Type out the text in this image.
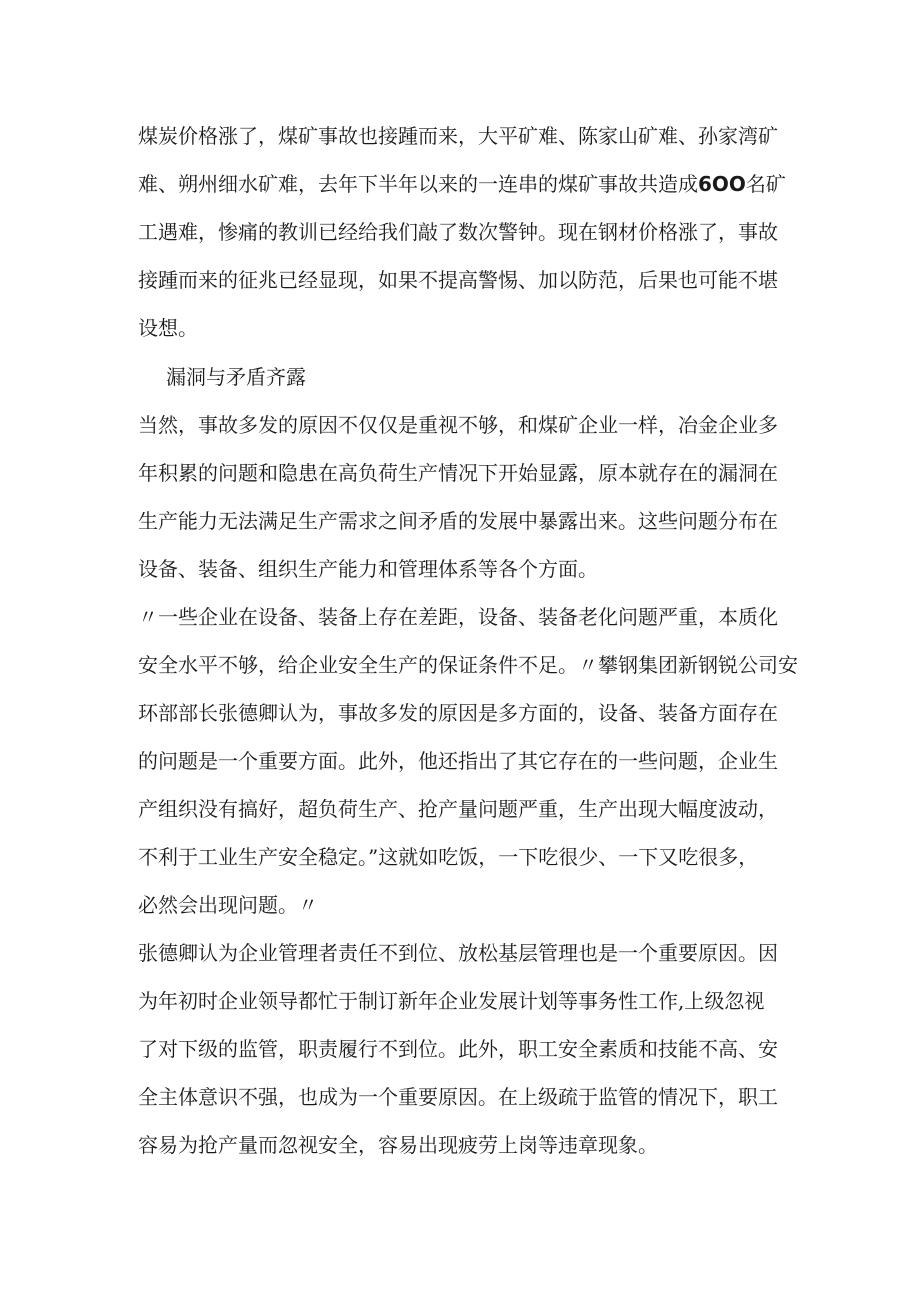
煤炭价格涨了，煤矿事故也接踵而来，大平矿难、陈家山矿难、孙家湾矿
难、朔州细水矿难，去年下半年以来的一连串的煤矿事故共造成6OO名矿
工遇难，惨痛的教训已经给我们敲了数次警钟。现在钢材价格涨了，事故
接踵而来的征兆已经显现，如果不提高警惕、加以防范，后果也可能不堪
设想。
漏洞与矛盾齐露
当然，事故多发的原因不仅仅是重视不够，和煤矿企业一样，冶金企业多
年积累的问题和隐患在高负荷生产情况下开始显露，原本就存在的漏洞在
生产能力无法满足生产需求之间矛盾的发展中暴露出来。这些问题分布在
设备、装备、组织生产能力和管理体系等各个方面。
〃一些企业在设备、装备上存在差距，设备、装备老化问题严重，本质化
安全水平不够，给企业安全生产的保证条件不足。〃攀钢集团新钢锐公司安
环部部长张德卿认为，事故多发的原因是多方面的，设备、装备方面存在
的问题是一个重要方面。此外，他还指出了其它存在的一些问题，企业生
产组织没有搞好，超负荷生产、抢产量问题严重，生产出现大幅度波动，
不利于工业生产安全稳定。”这就如吃饭，一下吃很少、一下又吃很多，
必然会出现问题。〃
张德卿认为企业管理者责任不到位、放松基层管理也是一个重要原因。因
为年初时企业领导都忙于制订新年企业发展计划等事务性工作,上级忽视
了对下级的监管，职责履行不到位。此外，职工安全素质和技能不高、安
全主体意识不强，也成为一个重要原因。在上级疏于监管的情况下，职工
容易为抢产量而忽视安全，容易出现疲劳上岗等违章现象。
